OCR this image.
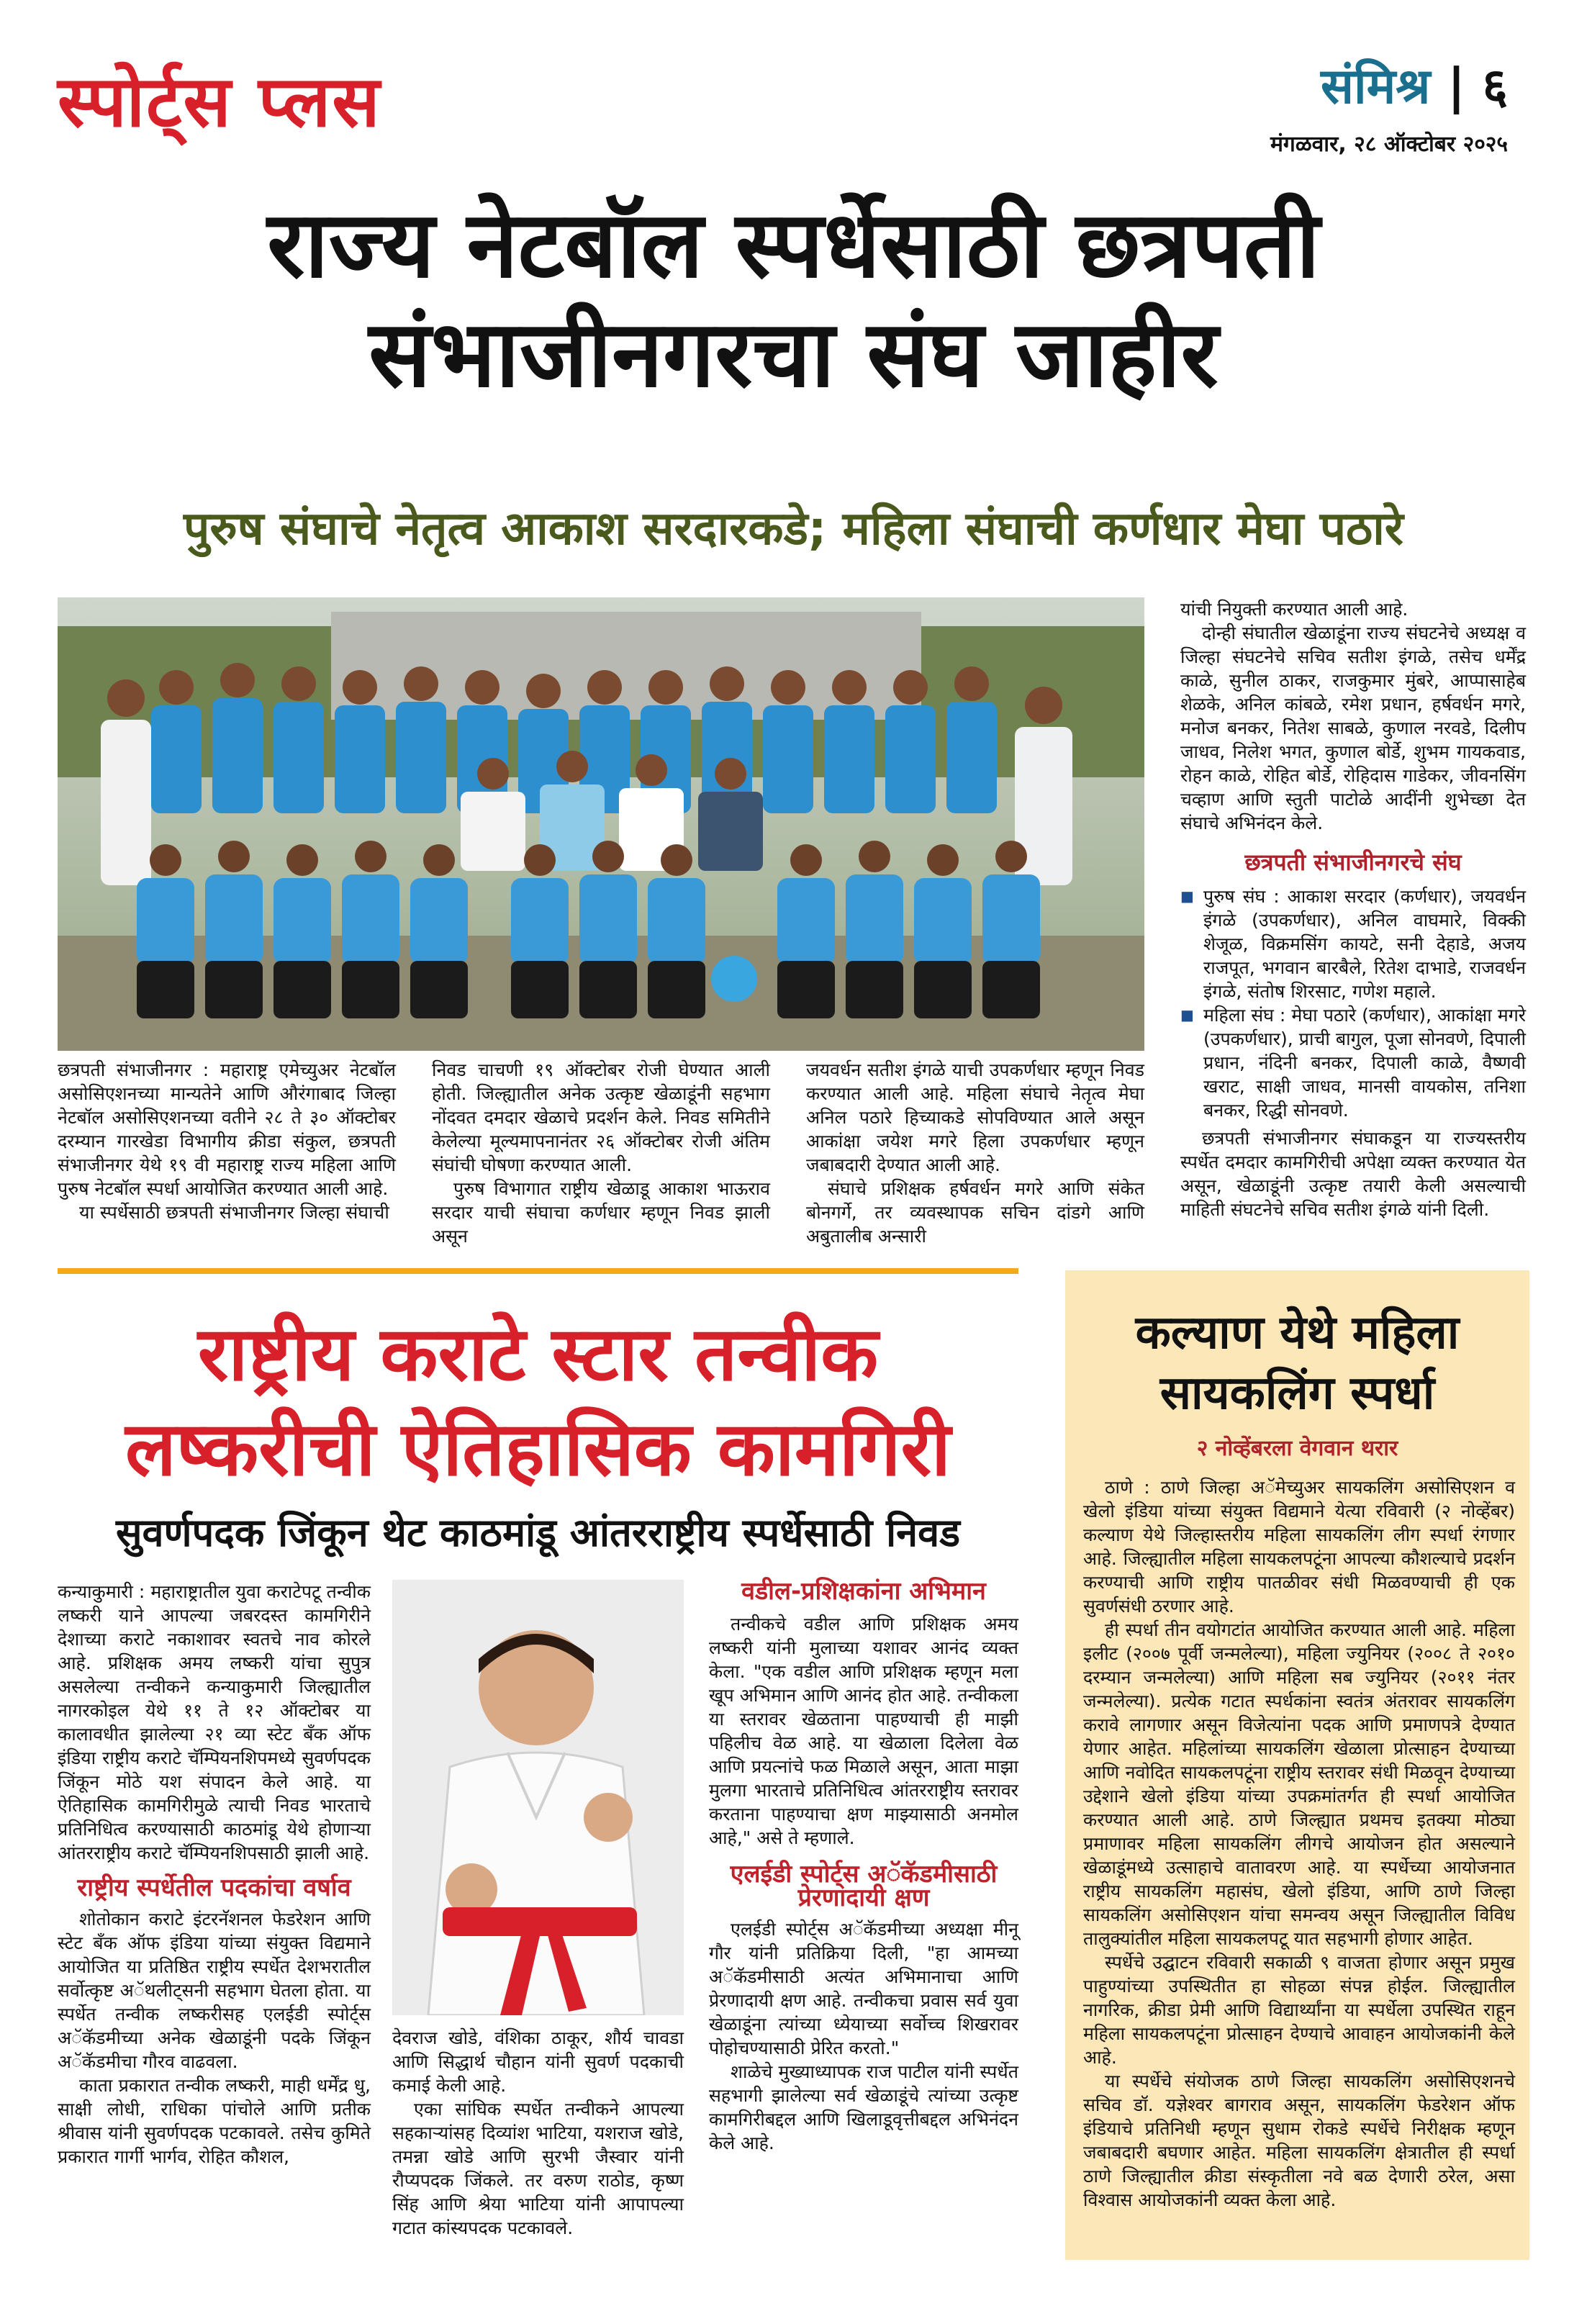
स्पोर्ट्स प्लस	संमिश्र | ६
मंगळवार, २८ ऑक्टोबर २०२५
राज्य नेटबॉल स्पर्धेसाठी छत्रपती
संभाजीनगरचा संघ जाहीर
पुरुष संघाचे नेतृत्व आकाश सरदारकडे; महिला संघाची कर्णधार मेघा पठारे

छत्रपती संभाजीनगर : महाराष्ट्र एमेच्युअर नेटबॉल असोसिएशनच्या मान्यतेने आणि औरंगाबाद जिल्हा नेटबॉल असोसिएशनच्या वतीने २८ ते ३० ऑक्टोबर दरम्यान गारखेडा विभागीय क्रीडा संकुल, छत्रपती संभाजीनगर येथे १९ वी महाराष्ट्र राज्य महिला आणि पुरुष नेटबॉल स्पर्धा आयोजित करण्यात आली आहे.

या स्पर्धेसाठी छत्रपती संभाजीनगर जिल्हा संघाची

निवड चाचणी १९ ऑक्टोबर रोजी घेण्यात आली होती. जिल्ह्यातील अनेक उत्कृष्ट खेळाडूंनी सहभाग नोंदवत दमदार खेळाचे प्रदर्शन केले. निवड समितीने केलेल्या मूल्यमापनानंतर २६ ऑक्टोबर रोजी अंतिम संघांची घोषणा करण्यात आली.

पुरुष विभागात राष्ट्रीय खेळाडू आकाश भाऊराव सरदार याची संघाचा कर्णधार म्हणून निवड झाली असून

जयवर्धन सतीश इंगळे याची उपकर्णधार म्हणून निवड करण्यात आली आहे. महिला संघाचे नेतृत्व मेघा अनिल पठारे हिच्याकडे सोपविण्यात आले असून आकांक्षा जयेश मगरे हिला उपकर्णधार म्हणून जबाबदारी देण्यात आली आहे.

संघाचे प्रशिक्षक हर्षवर्धन मगरे आणि संकेत बोनगर्गे, तर व्यवस्थापक सचिन दांडगे आणि अबुतालीब अन्सारी

यांची नियुक्ती करण्यात आली आहे.

दोन्ही संघातील खेळाडूंना राज्य संघटनेचे अध्यक्ष व जिल्हा संघटनेचे सचिव सतीश इंगळे, तसेच धर्मेंद्र काळे, सुनील ठाकर, राजकुमार मुंबरे, आप्पासाहेब शेळके, अनिल कांबळे, रमेश प्रधान, हर्षवर्धन मगरे, मनोज बनकर, नितेश साबळे, कुणाल नरवडे, दिलीप जाधव, निलेश भगत, कुणाल बोर्डे, शुभम गायकवाड, रोहन काळे, रोहित बोर्डे, रोहिदास गाडेकर, जीवनसिंग चव्हाण आणि स्तुती पाटोळे आदींनी शुभेच्छा देत संघाचे अभिनंदन केले.

छत्रपती संभाजीनगरचे संघ
■ पुरुष संघ : आकाश सरदार (कर्णधार), जयवर्धन इंगळे (उपकर्णधार), अनिल वाघमारे, विक्की शेजूळ, विक्रमसिंग कायटे, सनी देहाडे, अजय राजपूत, भगवान बारबैले, रितेश दाभाडे, राजवर्धन इंगळे, संतोष शिरसाट, गणेश महाले.
■ महिला संघ : मेघा पठारे (कर्णधार), आकांक्षा मगरे (उपकर्णधार), प्राची बागुल, पूजा सोनवणे, दिपाली प्रधान, नंदिनी बनकर, दिपाली काळे, वैष्णवी खराट, साक्षी जाधव, मानसी वायकोस, तनिशा बनकर, रिद्धी सोनवणे.

छत्रपती संभाजीनगर संघाकडून या राज्यस्तरीय स्पर्धेत दमदार कामगिरीची अपेक्षा व्यक्त करण्यात येत असून, खेळाडूंनी उत्कृष्ट तयारी केली असल्याची माहिती संघटनेचे सचिव सतीश इंगळे यांनी दिली.

राष्ट्रीय कराटे स्टार तन्वीक
लष्करीची ऐतिहासिक कामगिरी
सुवर्णपदक जिंकून थेट काठमांडू आंतरराष्ट्रीय स्पर्धेसाठी निवड

कन्याकुमारी : महाराष्ट्रातील युवा कराटेपटू तन्वीक लष्करी याने आपल्या जबरदस्त कामगिरीने देशाच्या कराटे नकाशावर स्वतचे नाव कोरले आहे. प्रशिक्षक अमय लष्करी यांचा सुपुत्र असलेल्या तन्वीकने कन्याकुमारी जिल्ह्यातील नागरकोइल येथे ११ ते १२ ऑक्टोबर या कालावधीत झालेल्या २१ व्या स्टेट बँक ऑफ इंडिया राष्ट्रीय कराटे चॅम्पियनशिपमध्ये सुवर्णपदक जिंकून मोठे यश संपादन केले आहे. या ऐतिहासिक कामगिरीमुळे त्याची निवड भारताचे प्रतिनिधित्व करण्यासाठी काठमांडू येथे होणाऱ्या आंतरराष्ट्रीय कराटे चॅम्पियनशिपसाठी झाली आहे.

राष्ट्रीय स्पर्धेतील पदकांचा वर्षाव

शोतोकान कराटे इंटरनॅशनल फेडरेशन आणि स्टेट बँक ऑफ इंडिया यांच्या संयुक्त विद्यमाने आयोजित या प्रतिष्ठित राष्ट्रीय स्पर्धेत देशभरातील सर्वोत्कृष्ट अॅथलीट्सनी सहभाग घेतला होता. या स्पर्धेत तन्वीक लष्करीसह एलईडी स्पोर्ट्स अॅकॅडमीच्या अनेक खेळाडूंनी पदके जिंकून अॅकॅडमीचा गौरव वाढवला.

काता प्रकारात तन्वीक लष्करी, माही धर्मेंद्र धु, साक्षी लोधी, राधिका पांचोले आणि प्रतीक श्रीवास यांनी सुवर्णपदक पटकावले. तसेच कुमिते प्रकारात गार्गी भार्गव, रोहित कौशल,

देवराज खोडे, वंशिका ठाकूर, शौर्य चावडा आणि सिद्धार्थ चौहान यांनी सुवर्ण पदकाची कमाई केली आहे.

एका सांघिक स्पर्धेत तन्वीकने आपल्या सहकाऱ्यांसह दिव्यांश भाटिया, यशराज खोडे, तमन्ना खोडे आणि सुरभी जैस्वार यांनी रौप्यपदक जिंकले. तर वरुण राठोड, कृष्ण सिंह आणि श्रेया भाटिया यांनी आपापल्या गटात कांस्यपदक पटकावले.

वडील-प्रशिक्षकांना अभिमान

तन्वीकचे वडील आणि प्रशिक्षक अमय लष्करी यांनी मुलाच्या यशावर आनंद व्यक्त केला. "एक वडील आणि प्रशिक्षक म्हणून मला खूप अभिमान आणि आनंद होत आहे. तन्वीकला या स्तरावर खेळताना पाहण्याची ही माझी पहिलीच वेळ आहे. या खेळाला दिलेला वेळ आणि प्रयत्नांचे फळ मिळाले असून, आता माझा मुलगा भारताचे प्रतिनिधित्व आंतरराष्ट्रीय स्तरावर करताना पाहण्याचा क्षण माझ्यासाठी अनमोल आहे," असे ते म्हणाले.

एलईडी स्पोर्ट्स अॅकॅडमीसाठी प्रेरणादायी क्षण

एलईडी स्पोर्ट्स अॅकॅडमीच्या अध्यक्षा मीनू गौर यांनी प्रतिक्रिया दिली, "हा आमच्या अॅकॅडमीसाठी अत्यंत अभिमानाचा आणि प्रेरणादायी क्षण आहे. तन्वीकचा प्रवास सर्व युवा खेळाडूंना त्यांच्या ध्येयाच्या सर्वोच्च शिखरावर पोहोचण्यासाठी प्रेरित करतो."

शाळेचे मुख्याध्यापक राज पाटील यांनी स्पर्धेत सहभागी झालेल्या सर्व खेळाडूंचे त्यांच्या उत्कृष्ट कामगिरीबद्दल आणि खिलाडूवृत्तीबद्दल अभिनंदन केले आहे.

कल्याण येथे महिला
सायकलिंग स्पर्धा
२ नोव्हेंबरला वेगवान थरार

ठाणे : ठाणे जिल्हा अॅमेच्युअर सायकलिंग असोसिएशन व खेलो इंडिया यांच्या संयुक्त विद्यमाने येत्या रविवारी (२ नोव्हेंबर) कल्याण येथे जिल्हास्तरीय महिला सायकलिंग लीग स्पर्धा रंगणार आहे. जिल्ह्यातील महिला सायकलपटूंना आपल्या कौशल्याचे प्रदर्शन करण्याची आणि राष्ट्रीय पातळीवर संधी मिळवण्याची ही एक सुवर्णसंधी ठरणार आहे.

ही स्पर्धा तीन वयोगटांत आयोजित करण्यात आली आहे. महिला इलीट (२००७ पूर्वी जन्मलेल्या), महिला ज्युनियर (२००८ ते २०१० दरम्यान जन्मलेल्या) आणि महिला सब ज्युनियर (२०११ नंतर जन्मलेल्या). प्रत्येक गटात स्पर्धकांना स्वतंत्र अंतरावर सायकलिंग करावे लागणार असून विजेत्यांना पदक आणि प्रमाणपत्रे देण्यात येणार आहेत. महिलांच्या सायकलिंग खेळाला प्रोत्साहन देण्याच्या आणि नवोदित सायकलपटूंना राष्ट्रीय स्तरावर संधी मिळवून देण्याच्या उद्देशाने खेलो इंडिया यांच्या उपक्रमांतर्गत ही स्पर्धा आयोजित करण्यात आली आहे. ठाणे जिल्ह्यात प्रथमच इतक्या मोठ्या प्रमाणावर महिला सायकलिंग लीगचे आयोजन होत असल्याने खेळाडूंमध्ये उत्साहाचे वातावरण आहे. या स्पर्धेच्या आयोजनात राष्ट्रीय सायकलिंग महासंघ, खेलो इंडिया, आणि ठाणे जिल्हा सायकलिंग असोसिएशन यांचा समन्वय असून जिल्ह्यातील विविध तालुक्यांतील महिला सायकलपटू यात सहभागी होणार आहेत.

स्पर्धेचे उद्घाटन रविवारी सकाळी ९ वाजता होणार असून प्रमुख पाहुण्यांच्या उपस्थितीत हा सोहळा संपन्न होईल. जिल्ह्यातील नागरिक, क्रीडा प्रेमी आणि विद्यार्थ्यांना या स्पर्धेला उपस्थित राहून महिला सायकलपटूंना प्रोत्साहन देण्याचे आवाहन आयोजकांनी केले आहे.

या स्पर्धेचे संयोजक ठाणे जिल्हा सायकलिंग असोसिएशनचे सचिव डॉ. यज्ञेश्वर बागराव असून, सायकलिंग फेडरेशन ऑफ इंडियाचे प्रतिनिधी म्हणून सुधाम रोकडे स्पर्धेचे निरीक्षक म्हणून जबाबदारी बघणार आहेत. महिला सायकलिंग क्षेत्रातील ही स्पर्धा ठाणे जिल्ह्यातील क्रीडा संस्कृतीला नवे बळ देणारी ठरेल, असा विश्वास आयोजकांनी व्यक्त केला आहे.
